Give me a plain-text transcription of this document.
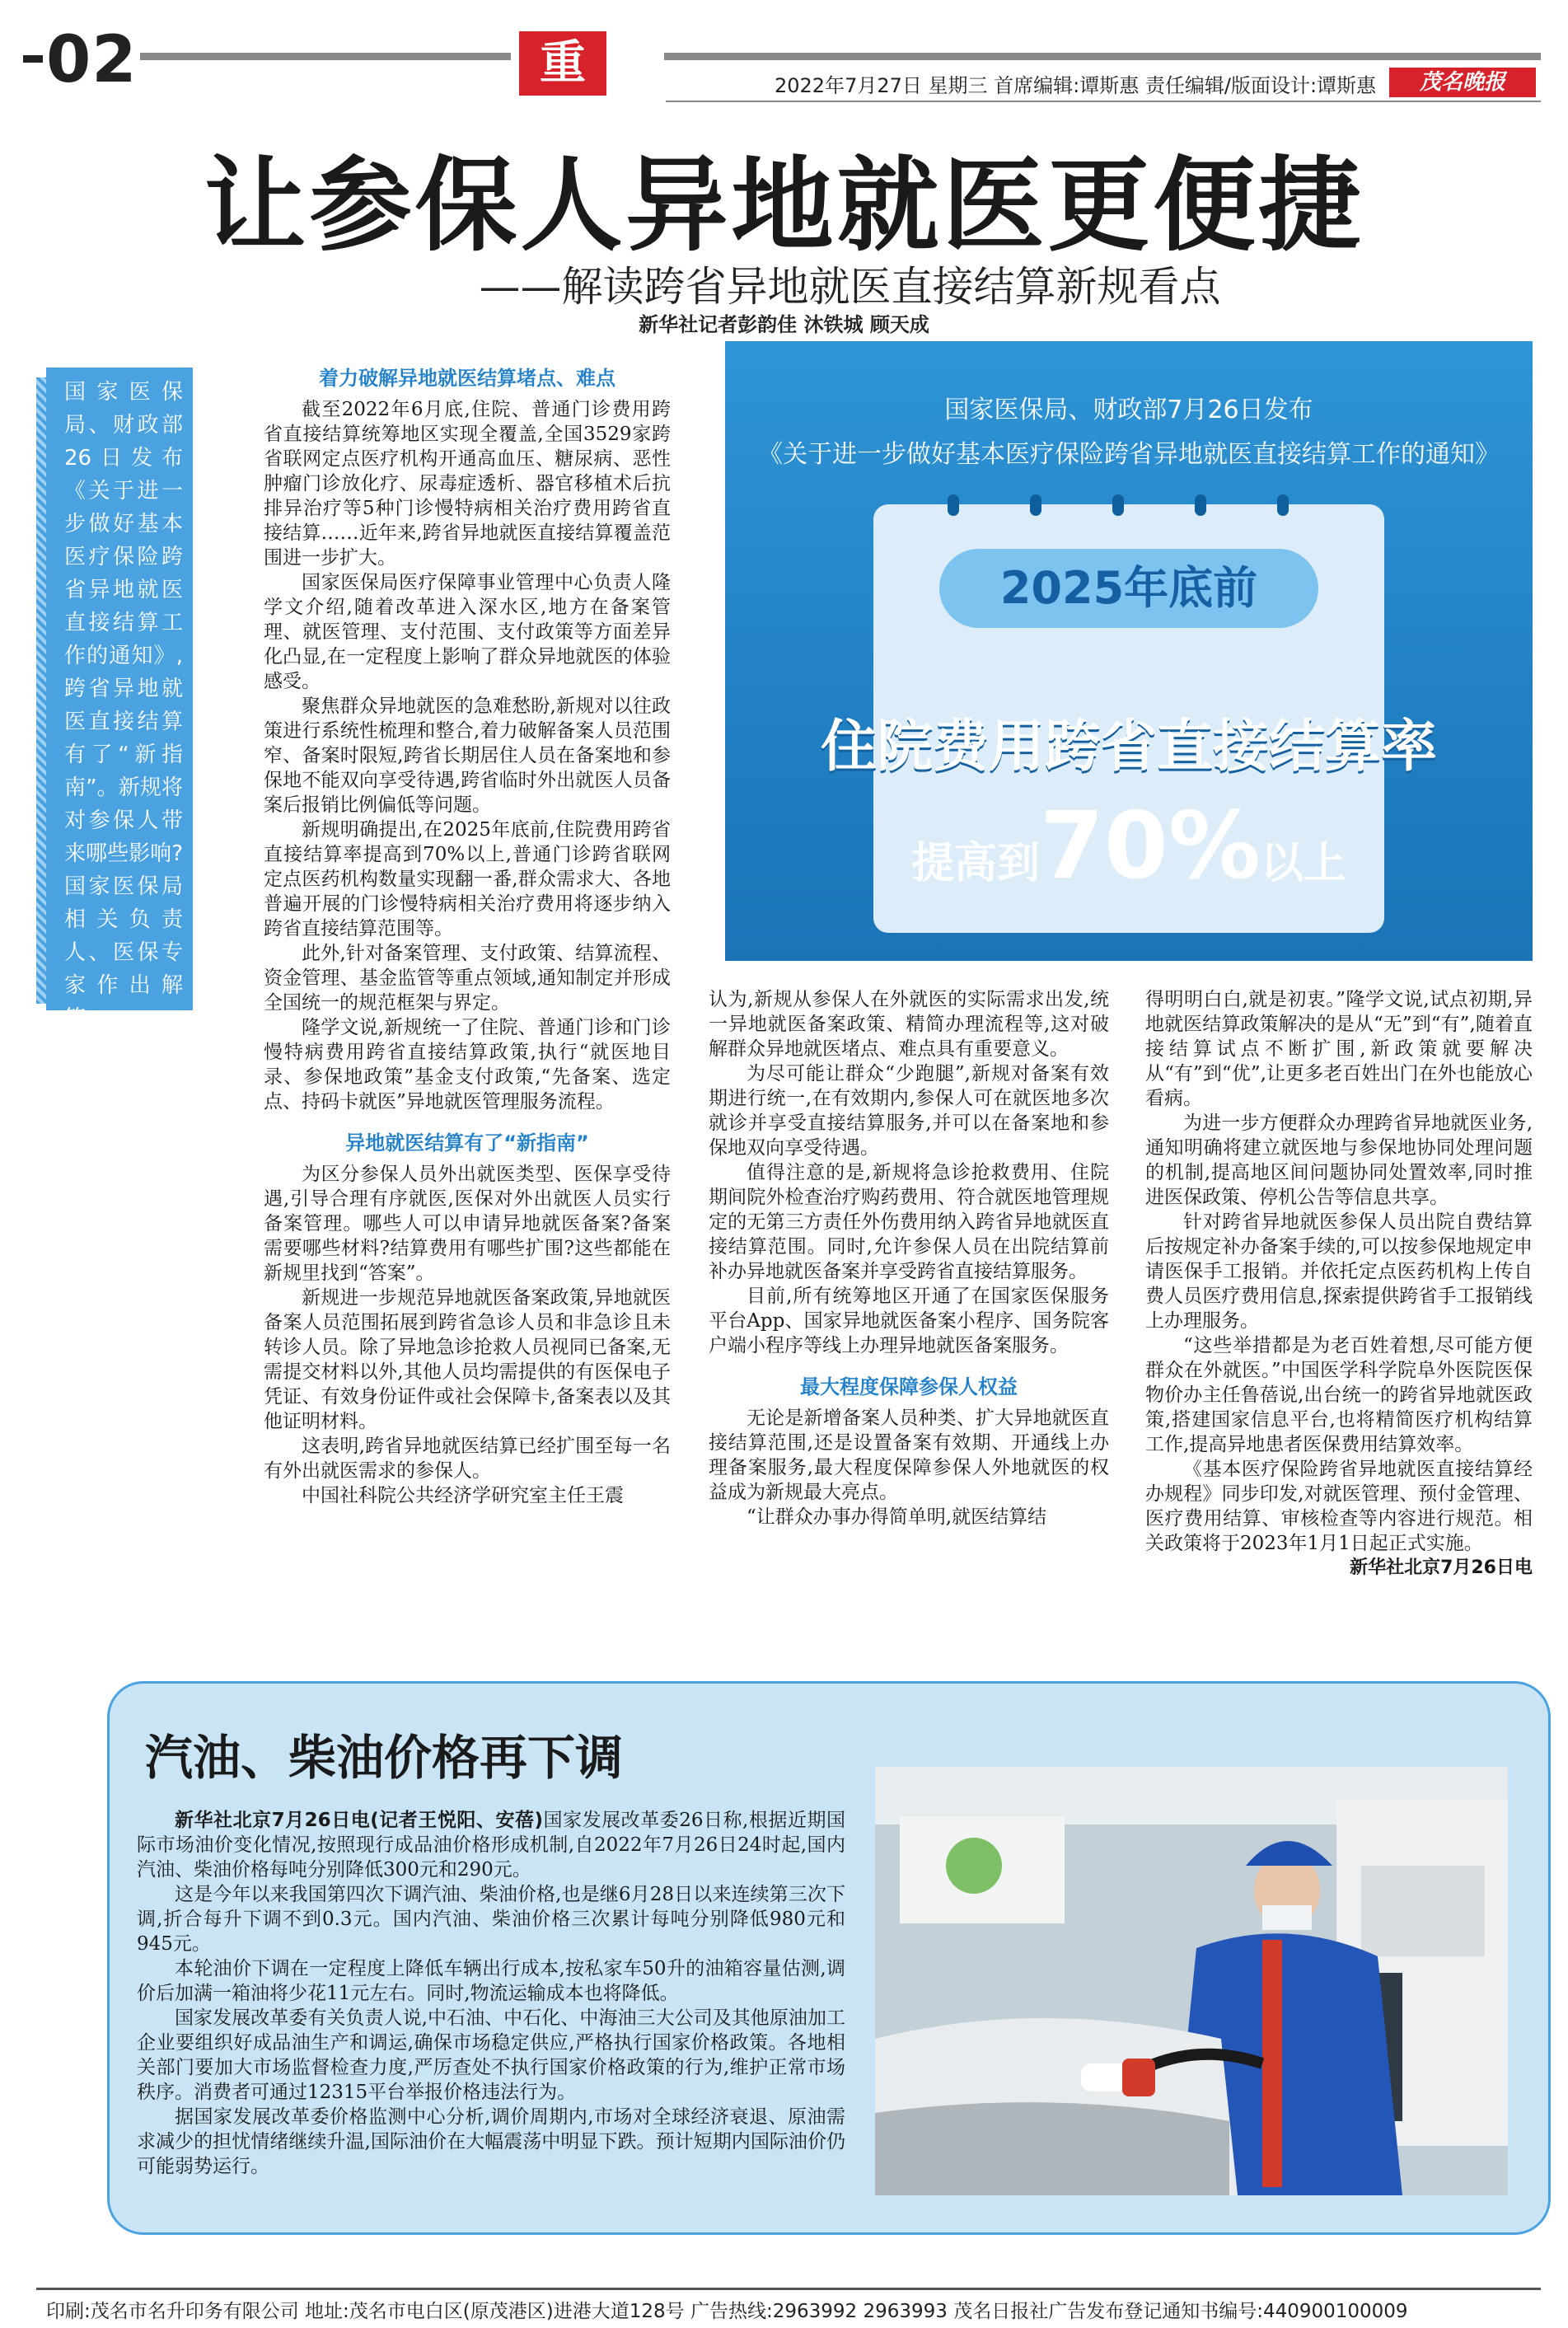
02	重点
2022年7月27日 星期三 首席编辑:谭斯惠 责任编辑/版面设计:谭斯惠	茂名晚报
让参保人异地就医更便捷
——解读跨省异地就医直接结算新规看点
新华社记者彭韵佳 沐铁城 顾天成
国家医保局、财政部26日发布《关于进一步做好基本医疗保险跨省异地就医直接结算工作的通知》,跨省异地就医直接结算有了“新指南”。新规将对参保人带来哪些影响?国家医保局相关负责人、医保专家作出解答。
着力破解异地就医结算堵点、难点

截至2022年6月底,住院、普通门诊费用跨省直接结算统筹地区实现全覆盖,全国3529家跨省联网定点医疗机构开通高血压、糖尿病、恶性肿瘤门诊放化疗、尿毒症透析、器官移植术后抗排异治疗等5种门诊慢特病相关治疗费用跨省直接结算……近年来,跨省异地就医直接结算覆盖范围进一步扩大。

国家医保局医疗保障事业管理中心负责人隆学文介绍,随着改革进入深水区,地方在备案管理、就医管理、支付范围、支付政策等方面差异化凸显,在一定程度上影响了群众异地就医的体验感受。

聚焦群众异地就医的急难愁盼,新规对以往政策进行系统性梳理和整合,着力破解备案人员范围窄、备案时限短,跨省长期居住人员在备案地和参保地不能双向享受待遇,跨省临时外出就医人员备案后报销比例偏低等问题。

新规明确提出,在2025年底前,住院费用跨省直接结算率提高到70%以上,普通门诊跨省联网定点医药机构数量实现翻一番,群众需求大、各地普遍开展的门诊慢特病相关治疗费用将逐步纳入跨省直接结算范围等。

此外,针对备案管理、支付政策、结算流程、资金管理、基金监管等重点领域,通知制定并形成全国统一的规范框架与界定。

隆学文说,新规统一了住院、普通门诊和门诊慢特病费用跨省直接结算政策,执行“就医地目录、参保地政策”基金支付政策,“先备案、选定点、持码卡就医”异地就医管理服务流程。

异地就医结算有了“新指南”

为区分参保人员外出就医类型、医保享受待遇,引导合理有序就医,医保对外出就医人员实行备案管理。哪些人可以申请异地就医备案?备案需要哪些材料?结算费用有哪些扩围?这些都能在新规里找到“答案”。

新规进一步规范异地就医备案政策,异地就医备案人员范围拓展到跨省急诊人员和非急诊且未转诊人员。除了异地急诊抢救人员视同已备案,无需提交材料以外,其他人员均需提供的有医保电子凭证、有效身份证件或社会保障卡,备案表以及其他证明材料。

这表明,跨省异地就医结算已经扩围至每一名有外出就医需求的参保人。

中国社科院公共经济学研究室主任王震

国家医保局、财政部7月26日发布
《关于进一步做好基本医疗保险跨省异地就医直接结算工作的通知》
2025年底前
住院费用跨省直接结算率
提高到70%以上

认为,新规从参保人在外就医的实际需求出发,统一异地就医备案政策、精简办理流程等,这对破解群众异地就医堵点、难点具有重要意义。

为尽可能让群众“少跑腿”,新规对备案有效期进行统一,在有效期内,参保人可在就医地多次就诊并享受直接结算服务,并可以在备案地和参保地双向享受待遇。

值得注意的是,新规将急诊抢救费用、住院期间院外检查治疗购药费用、符合就医地管理规定的无第三方责任外伤费用纳入跨省异地就医直接结算范围。同时,允许参保人员在出院结算前补办异地就医备案并享受跨省直接结算服务。

目前,所有统筹地区开通了在国家医保服务平台App、国家异地就医备案小程序、国务院客户端小程序等线上办理异地就医备案服务。

最大程度保障参保人权益

无论是新增备案人员种类、扩大异地就医直接结算范围,还是设置备案有效期、开通线上办理备案服务,最大程度保障参保人外地就医的权益成为新规最大亮点。

“让群众办事办得简单明,就医结算结

得明明白白,就是初衷。”隆学文说,试点初期,异地就医结算政策解决的是从“无”到“有”,随着直接结算试点不断扩围,新政策就要解决从“有”到“优”,让更多老百姓出门在外也能放心看病。

为进一步方便群众办理跨省异地就医业务,通知明确将建立就医地与参保地协同处理问题的机制,提高地区间问题协同处置效率,同时推进医保政策、停机公告等信息共享。

针对跨省异地就医参保人员出院自费结算后按规定补办备案手续的,可以按参保地规定申请医保手工报销。并依托定点医药机构上传自费人员医疗费用信息,探索提供跨省手工报销线上办理服务。

“这些举措都是为老百姓着想,尽可能方便群众在外就医。”中国医学科学院阜外医院医保物价办主任鲁蓓说,出台统一的跨省异地就医政策,搭建国家信息平台,也将精简医疗机构结算工作,提高异地患者医保费用结算效率。

《基本医疗保险跨省异地就医直接结算经办规程》同步印发,对就医管理、预付金管理、医疗费用结算、审核检查等内容进行规范。相关政策将于2023年1月1日起正式实施。

新华社北京7月26日电
汽油、柴油价格再下调

新华社北京7月26日电(记者王悦阳、安蓓)国家发展改革委26日称,根据近期国际市场油价变化情况,按照现行成品油价格形成机制,自2022年7月26日24时起,国内汽油、柴油价格每吨分别降低300元和290元。

这是今年以来我国第四次下调汽油、柴油价格,也是继6月28日以来连续第三次下调,折合每升下调不到0.3元。国内汽油、柴油价格三次累计每吨分别降低980元和945元。

本轮油价下调在一定程度上降低车辆出行成本,按私家车50升的油箱容量估测,调价后加满一箱油将少花11元左右。同时,物流运输成本也将降低。

国家发展改革委有关负责人说,中石油、中石化、中海油三大公司及其他原油加工企业要组织好成品油生产和调运,确保市场稳定供应,严格执行国家价格政策。各地相关部门要加大市场监督检查力度,严厉查处不执行国家价格政策的行为,维护正常市场秩序。消费者可通过12315平台举报价格违法行为。

据国家发展改革委价格监测中心分析,调价周期内,市场对全球经济衰退、原油需求减少的担忧情绪继续升温,国际油价在大幅震荡中明显下跌。预计短期内国际油价仍可能弱势运行。

印刷:茂名市名升印务有限公司 地址:茂名市电白区(原茂港区)进港大道128号 广告热线:2963992 2963993 茂名日报社广告发布登记通知书编号:440900100009
